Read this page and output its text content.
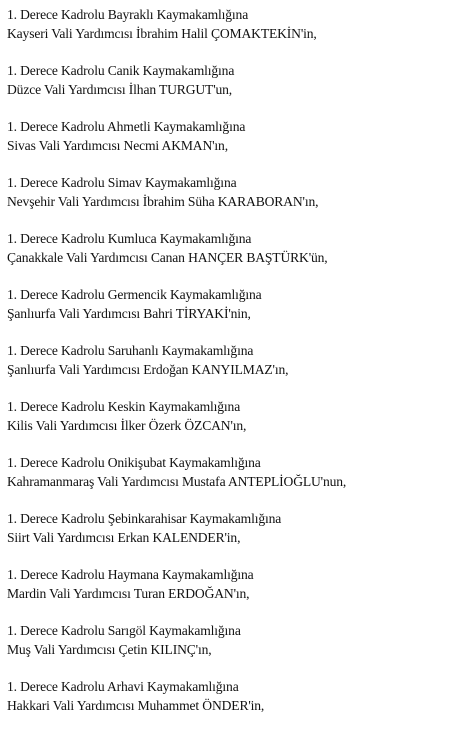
1. Derece Kadrolu Bayraklı Kaymakamlığına
Kayseri Vali Yardımcısı İbrahim Halil ÇOMAKTEKİN'in,
1. Derece Kadrolu Canik Kaymakamlığına
Düzce Vali Yardımcısı İlhan TURGUT'un,
1. Derece Kadrolu Ahmetli Kaymakamlığına
Sivas Vali Yardımcısı Necmi AKMAN'ın,
1. Derece Kadrolu Simav Kaymakamlığına
Nevşehir Vali Yardımcısı İbrahim Süha KARABORAN'ın,
1. Derece Kadrolu Kumluca Kaymakamlığına
Çanakkale Vali Yardımcısı Canan HANÇER BAŞTÜRK'ün,
1. Derece Kadrolu Germencik Kaymakamlığına
Şanlıurfa Vali Yardımcısı Bahri TİRYAKİ'nin,
1. Derece Kadrolu Saruhanlı Kaymakamlığına
Şanlıurfa Vali Yardımcısı Erdoğan KANYILMAZ'ın,
1. Derece Kadrolu Keskin Kaymakamlığına
Kilis Vali Yardımcısı İlker Özerk ÖZCAN'ın,
1. Derece Kadrolu Onikişubat Kaymakamlığına
Kahramanmaraş Vali Yardımcısı Mustafa ANTEPLİOĞLU'nun,
1. Derece Kadrolu Şebinkarahisar Kaymakamlığına
Siirt Vali Yardımcısı Erkan KALENDER'in,
1. Derece Kadrolu Haymana Kaymakamlığına
Mardin Vali Yardımcısı Turan ERDOĞAN'ın,
1. Derece Kadrolu Sarıgöl Kaymakamlığına
Muş Vali Yardımcısı Çetin KILINÇ'ın,
1. Derece Kadrolu Arhavi Kaymakamlığına
Hakkari Vali Yardımcısı Muhammet ÖNDER'in,
